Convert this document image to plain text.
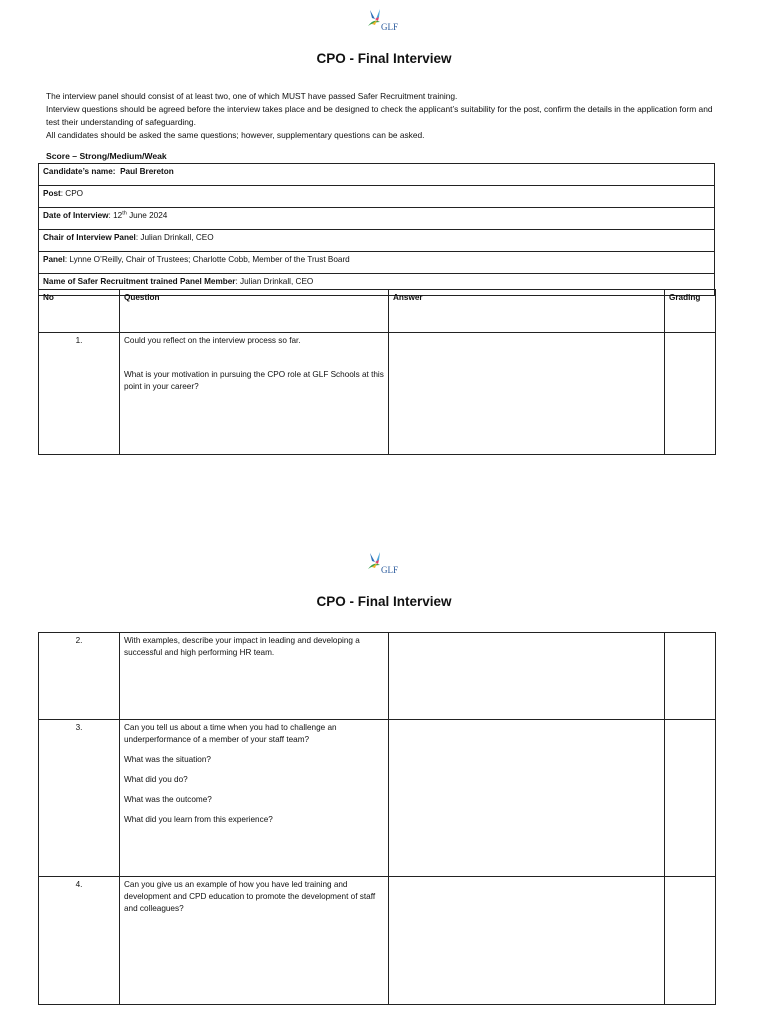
GLF
CPO - Final Interview

The interview panel should consist of at least two, one of which MUST have passed Safer Recruitment training.

Interview questions should be agreed before the interview takes place and be designed to check the applicant’s suitability for the post, confirm the details in the application form and test their understanding of safeguarding.

All candidates should be asked the same questions; however, supplementary questions can be asked.

Score – Strong/Medium/Weak
Candidate’s name: Paul Brereton
Post: CPO
Date of Interview: 12th June 2024
Chair of Interview Panel: Julian Drinkall, CEO
Panel: Lynne O’Reilly, Chair of Trustees; Charlotte Cobb, Member of the Trust Board
Name of Safer Recruitment trained Panel Member: Julian Drinkall, CEO
No	Question	Answer	Grading
1.	Could you reflect on the interview process so far.

What is your motivation in pursuing the CPO role at GLF Schools at this point in your career?		

GLF
CPO - Final Interview
2.	With examples, describe your impact in leading and developing a successful and high performing HR team.		

3.	Can you tell us about a time when you had to challenge an underperformance of a member of your staff team?

What was the situation?

What did you do?

What was the outcome?

What did you learn from this experience?		

4.	Can you give us an example of how you have led training and development and CPD education to promote the development of staff and colleagues?		
